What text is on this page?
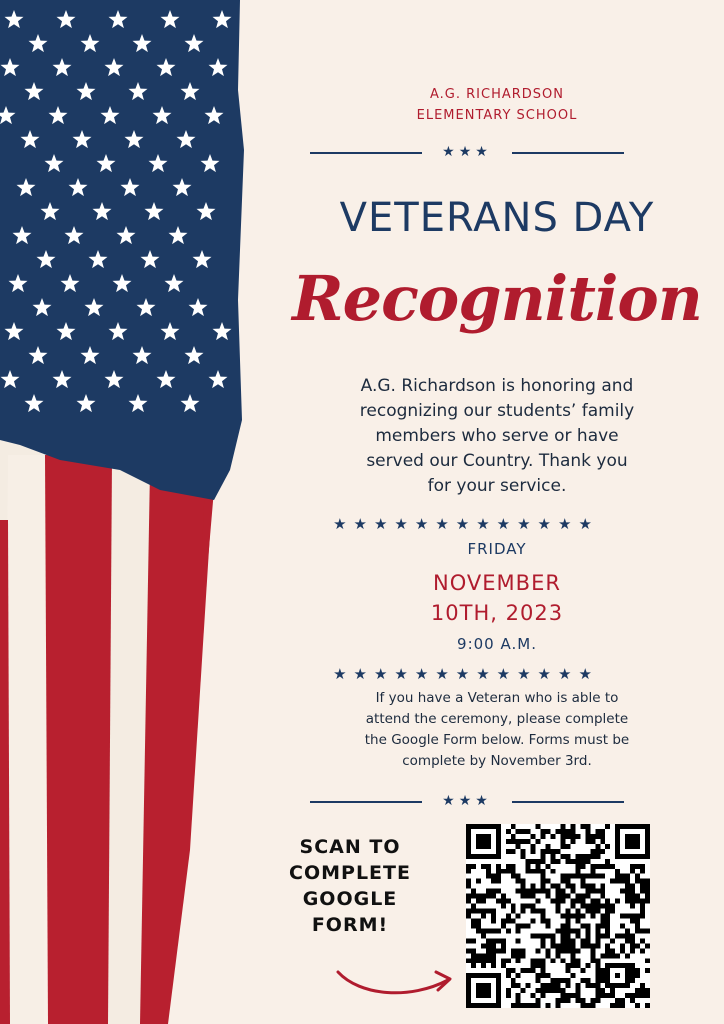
A.G. RICHARDSON
ELEMENTARY SCHOOL
★★★
VETERANS DAY
Recognition
A.G. Richardson is honoring and
recognizing our students’ family
members who serve or have
served our Country. Thank you
for your service.
★★★★★★★★★★★★★
FRIDAY
NOVEMBER
10TH, 2023
9:00 A.M.
★★★★★★★★★★★★★
If you have a Veteran who is able to
attend the ceremony, please complete
the Google Form below. Forms must be
complete by November 3rd.
★★★
SCAN TO
COMPLETE
GOOGLE
FORM!
